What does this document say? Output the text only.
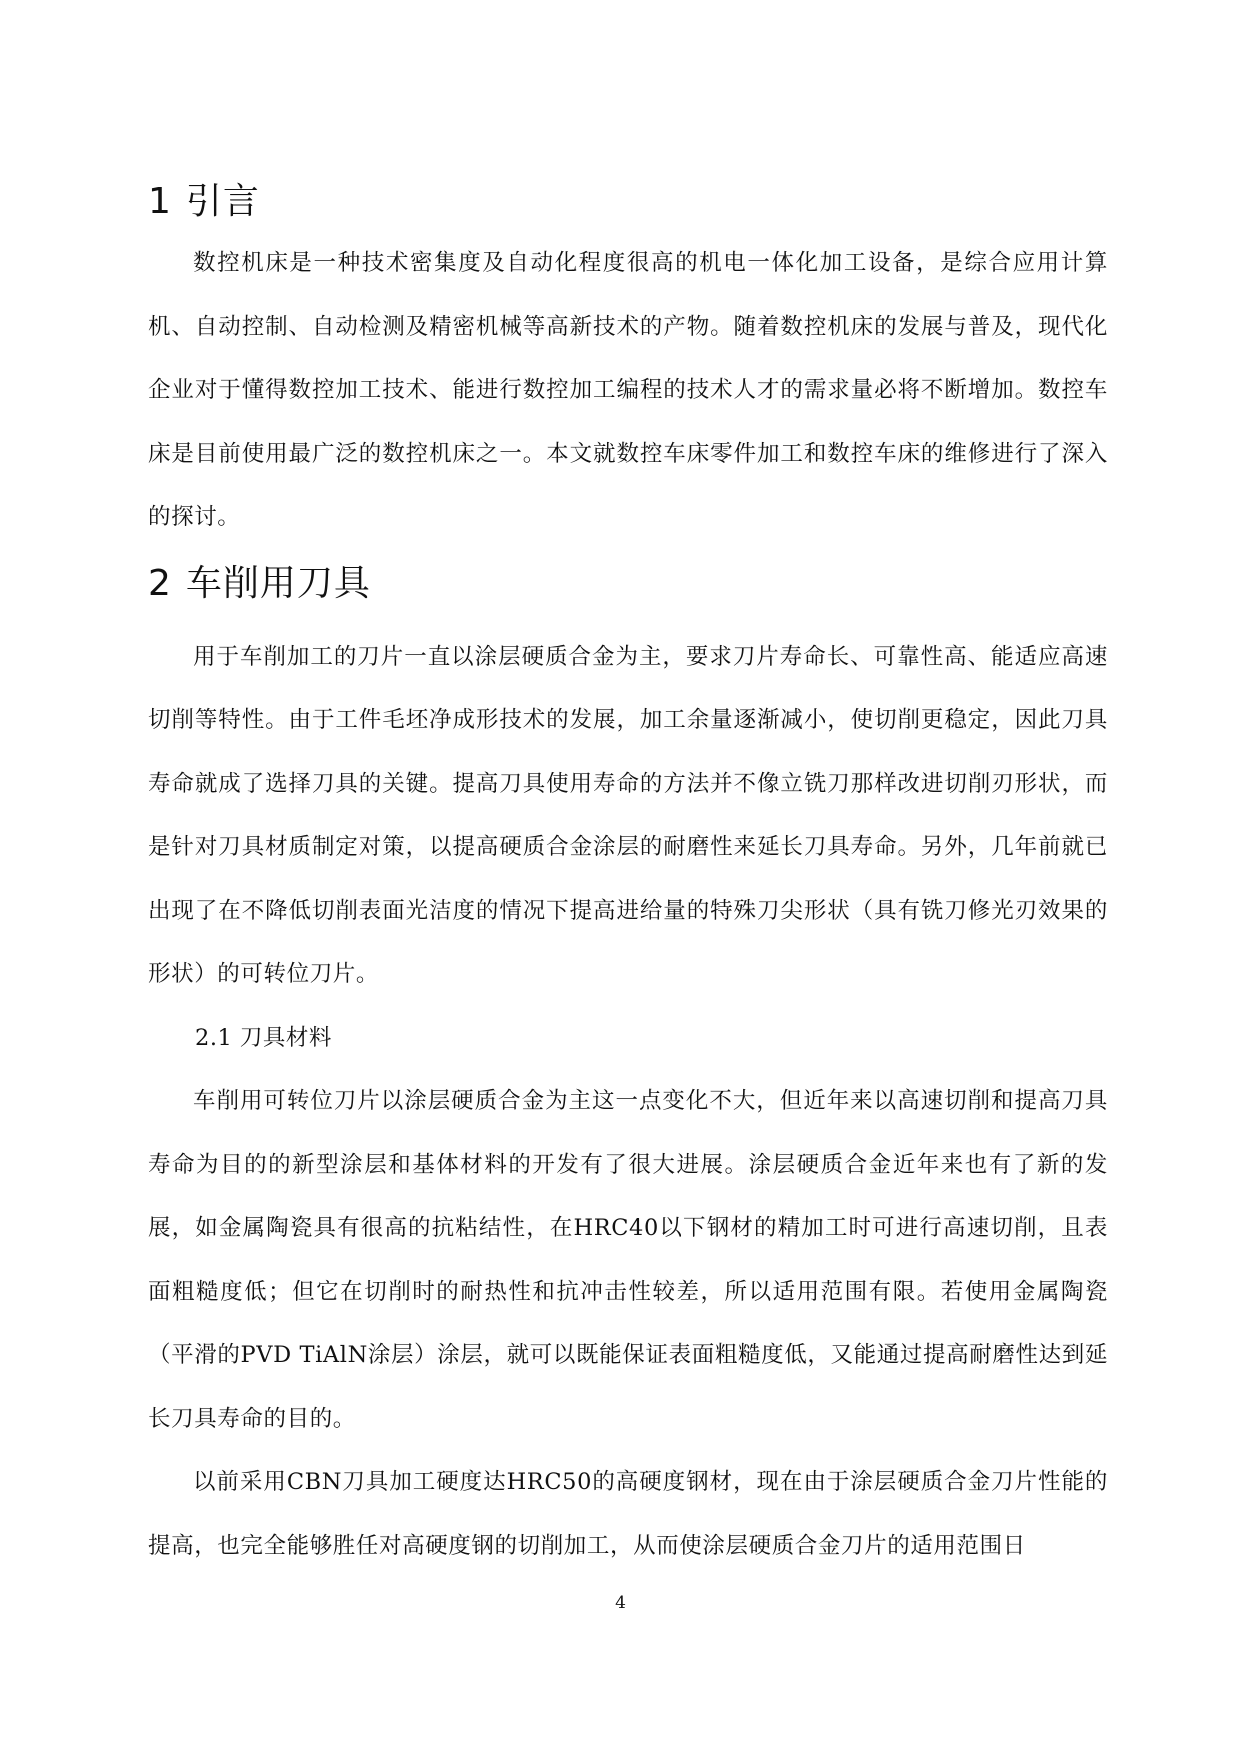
1 引言

数控机床是一种技术密集度及自动化程度很高的机电一体化加工设备，是综合应用计算机、自动控制、自动检测及精密机械等高新技术的产物。随着数控机床的发展与普及，现代化企业对于懂得数控加工技术、能进行数控加工编程的技术人才的需求量必将不断增加。数控车床是目前使用最广泛的数控机床之一。本文就数控车床零件加工和数控车床的维修进行了深入的探讨。

2 车削用刀具

用于车削加工的刀片一直以涂层硬质合金为主，要求刀片寿命长、可靠性高、能适应高速切削等特性。由于工件毛坯净成形技术的发展，加工余量逐渐减小，使切削更稳定，因此刀具寿命就成了选择刀具的关键。提高刀具使用寿命的方法并不像立铣刀那样改进切削刃形状，而是针对刀具材质制定对策，以提高硬质合金涂层的耐磨性来延长刀具寿命。另外，几年前就已出现了在不降低切削表面光洁度的情况下提高进给量的特殊刀尖形状（具有铣刀修光刃效果的形状）的可转位刀片。

2.1 刀具材料

车削用可转位刀片以涂层硬质合金为主这一点变化不大，但近年来以高速切削和提高刀具寿命为目的的新型涂层和基体材料的开发有了很大进展。涂层硬质合金近年来也有了新的发展，如金属陶瓷具有很高的抗粘结性，在HRC40以下钢材的精加工时可进行高速切削，且表面粗糙度低；但它在切削时的耐热性和抗冲击性较差，所以适用范围有限。若使用金属陶瓷（平滑的PVD TiAlN涂层）涂层，就可以既能保证表面粗糙度低，又能通过提高耐磨性达到延长刀具寿命的目的。

以前采用CBN刀具加工硬度达HRC50的高硬度钢材，现在由于涂层硬质合金刀片性能的提高，也完全能够胜任对高硬度钢的切削加工，从而使涂层硬质合金刀片的适用范围日

4
